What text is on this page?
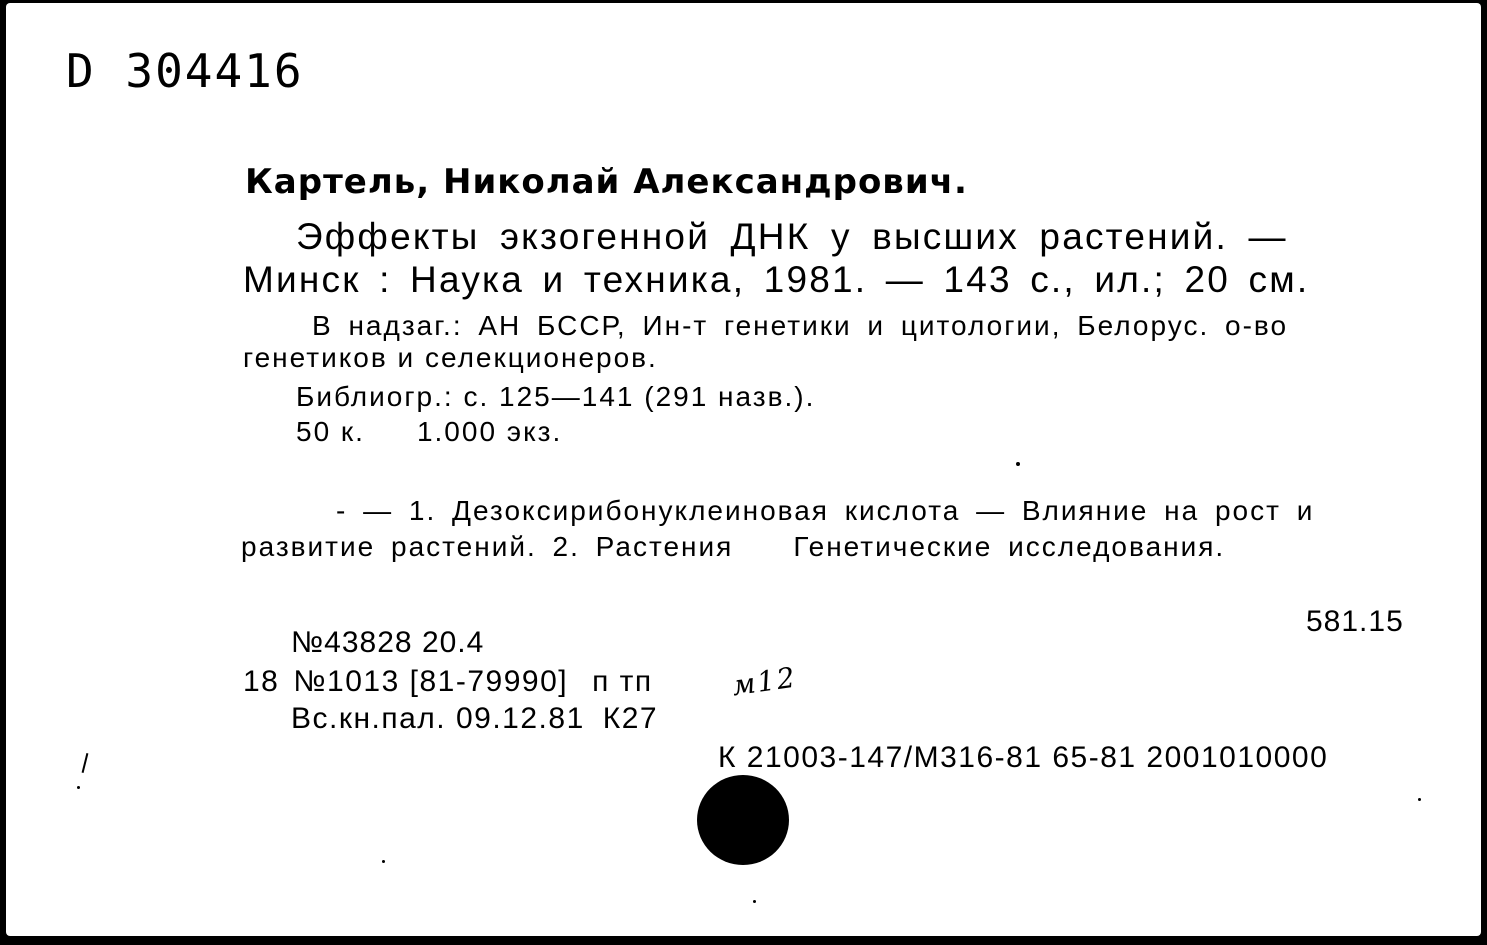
D 304416
Картель, Николай Александрович.
Эффекты экзогенной ДНК у высших растений. —
Минск : Наука и техника, 1981. — 143 с., ил.; 20 см.
В надзаг.: АН БССР, Ин-т генетики и цитологии, Белорус. о-во
генетиков и селекционеров.
Библиогр.: с. 125—141 (291 назв.).
50 к. 1.000 экз.
- — 1. Дезоксирибонуклеиновая кислота — Влияние на рост и
развитие растений. 2. Растения Генетические исследования.
581.15
№43828 20.4
18 №1013 [81-79990] п тп
Вс.кн.пал. 09.12.81 К27
м12
К 21003-147/М316-81 65-81 2001010000
